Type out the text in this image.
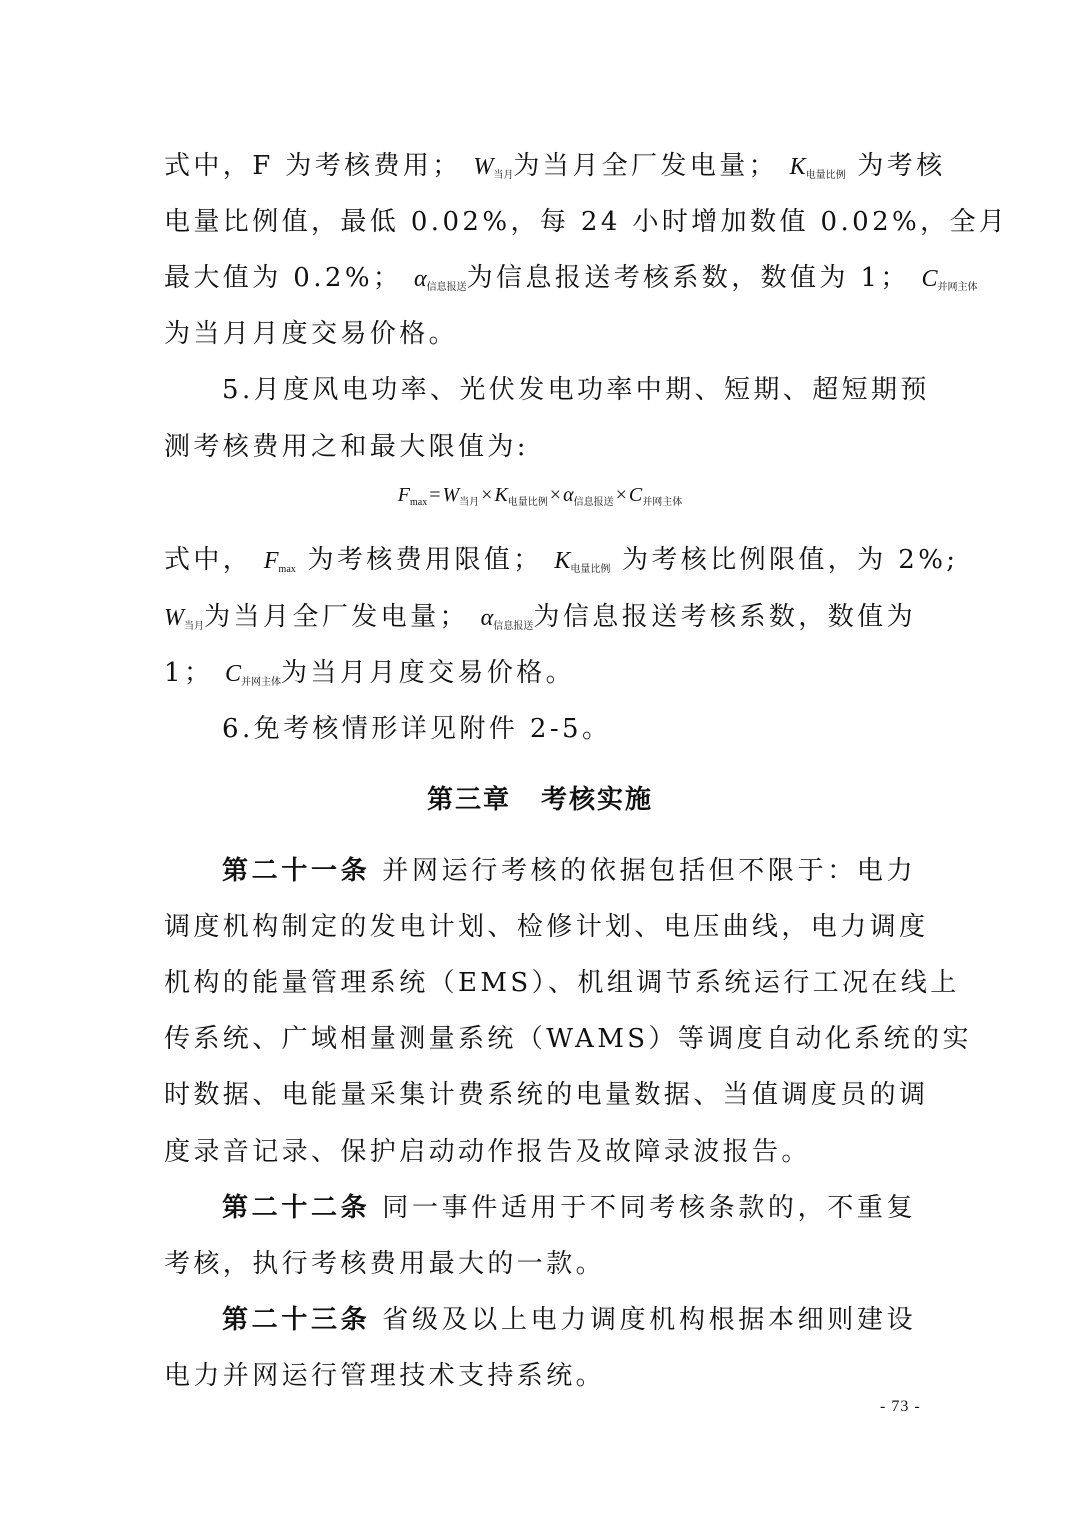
式中，F 为考核费用； $W_{当月}$为当月全厂发电量； $K_{电量比例}$ 为考核
电量比例值，最低 0.02%，每 24 小时增加数值 0.02%，全月
最大值为 0.2%； $\alpha_{信息报送}$为信息报送考核系数，数值为 1； $C_{并网主体}$
为当月月度交易价格。
5.月度风电功率、光伏发电功率中期、短期、超短期预
测考核费用之和最大限值为:
$F_{max} = W_{当月} \times K_{电量比例} \times \alpha_{信息报送} \times C_{并网主体}$
式中， $F_{max}$ 为考核费用限值； $K_{电量比例}$ 为考核比例限值，为 2%;
$W_{当月}$为当月全厂发电量； $\alpha_{信息报送}$为信息报送考核系数，数值为
1； $C_{并网主体}$为当月月度交易价格。
6.免考核情形详见附件 2-5。
第三章 考核实施
第二十一条 并网运行考核的依据包括但不限于：电力
调度机构制定的发电计划、检修计划、电压曲线，电力调度
机构的能量管理系统（EMS）、机组调节系统运行工况在线上
传系统、广域相量测量系统（WAMS）等调度自动化系统的实
时数据、电能量采集计费系统的电量数据、当值调度员的调
度录音记录、保护启动动作报告及故障录波报告。
第二十二条 同一事件适用于不同考核条款的，不重复
考核，执行考核费用最大的一款。
第二十三条 省级及以上电力调度机构根据本细则建设
电力并网运行管理技术支持系统。
- 73 -
